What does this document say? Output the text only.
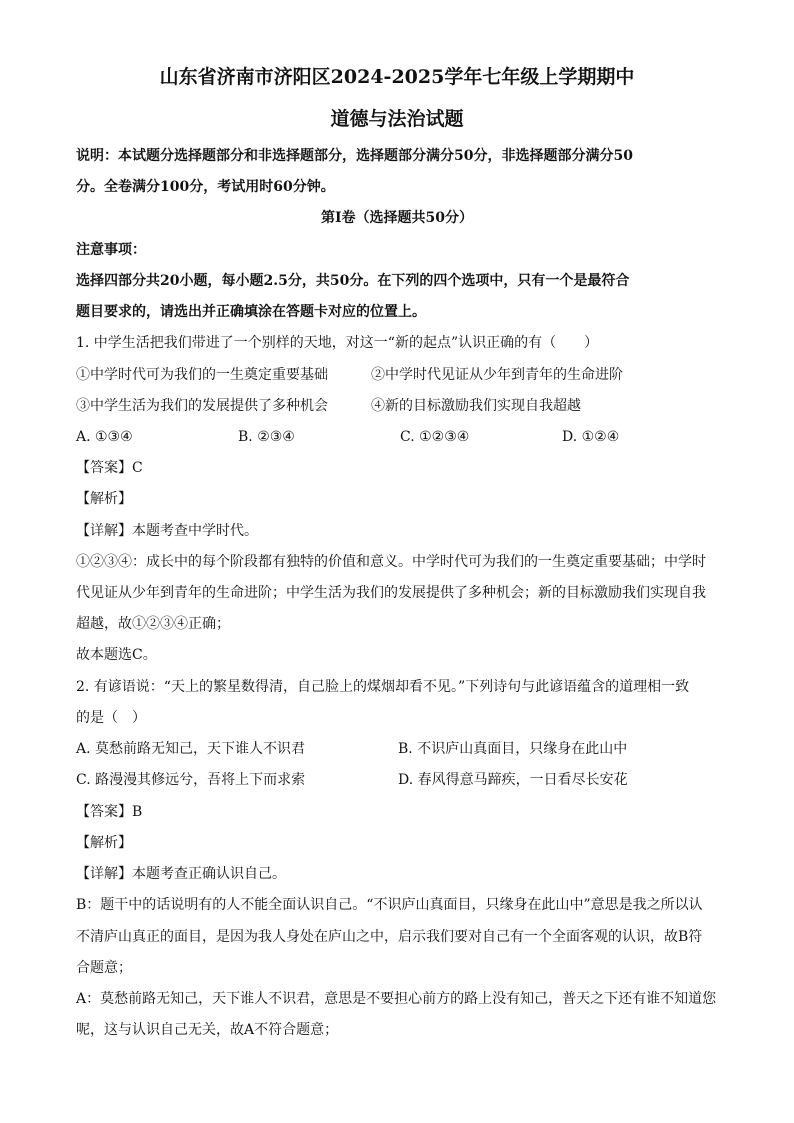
山东省济南市济阳区2024-2025学年七年级上学期期中
道德与法治试题
说明：本试题分选择题部分和非选择题部分，选择题部分满分50分，非选择题部分满分50
分。全卷满分100分，考试用时60分钟。
第Ⅰ卷（选择题共50分）
注意事项：
选择四部分共20小题，每小题2.5分，共50分。在下列的四个选项中，只有一个是最符合
题目要求的，请选出并正确填涂在答题卡对应的位置上。
1. 中学生活把我们带进了一个别样的天地，对这一“新的起点”认识正确的有（　　）
①中学时代可为我们的一生奠定重要基础	②中学时代见证从少年到青年的生命进阶
③中学生活为我们的发展提供了多种机会	④新的目标激励我们实现自我超越
A. ①③④	B. ②③④	C. ①②③④	D. ①②④
【答案】C
【解析】
【详解】本题考查中学时代。
①②③④：成长中的每个阶段都有独特的价值和意义。中学时代可为我们的一生奠定重要基础；中学时
代见证从少年到青年的生命进阶；中学生活为我们的发展提供了多种机会；新的目标激励我们实现自我
超越，故①②③④正确；
故本题选C。
2. 有谚语说：“天上的繁星数得清，自己脸上的煤烟却看不见。”下列诗句与此谚语蕴含的道理相一致
的是（　）
A. 莫愁前路无知己，天下谁人不识君	B. 不识庐山真面目，只缘身在此山中
C. 路漫漫其修远兮，吾将上下而求索	D. 春风得意马蹄疾，一日看尽长安花
【答案】B
【解析】
【详解】本题考查正确认识自己。
B：题干中的话说明有的人不能全面认识自己。“不识庐山真面目，只缘身在此山中”意思是我之所以认
不清庐山真正的面目，是因为我人身处在庐山之中，启示我们要对自己有一个全面客观的认识，故B符
合题意；
A：莫愁前路无知己，天下谁人不识君，意思是不要担心前方的路上没有知己，普天之下还有谁不知道您
呢，这与认识自己无关，故A不符合题意；
